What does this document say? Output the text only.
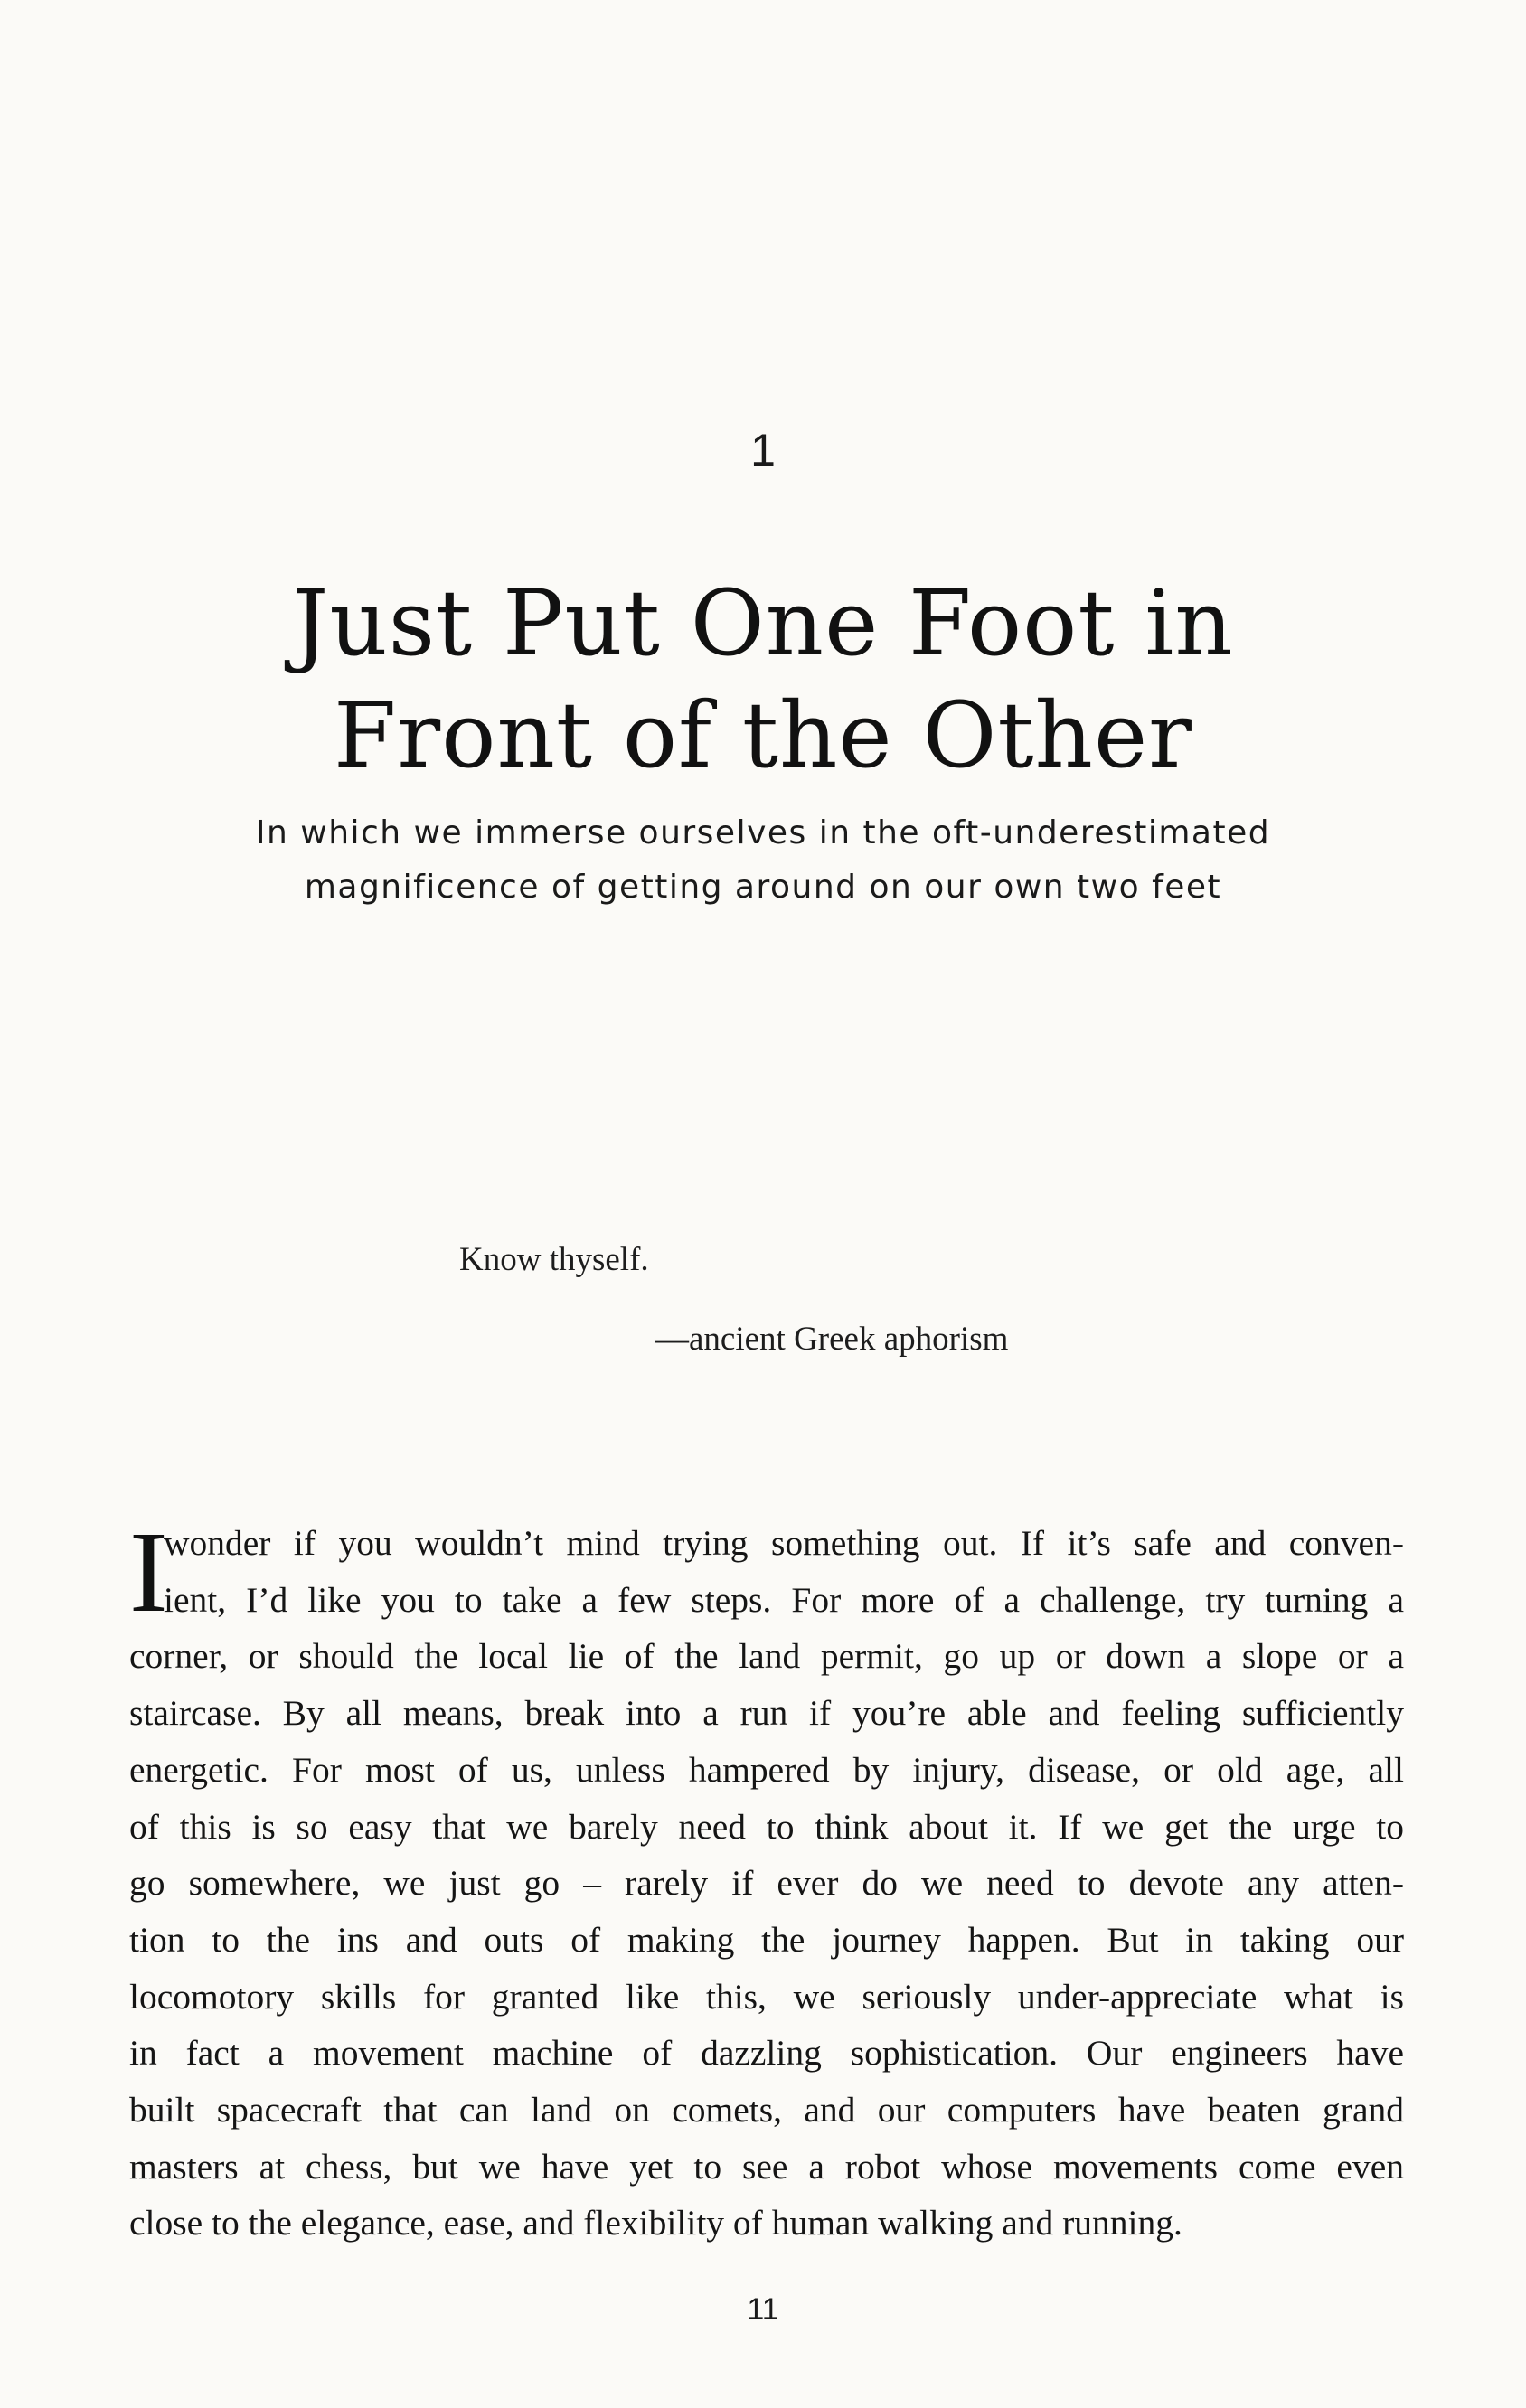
1
Just Put One Foot in
Front of the Other
In which we immerse ourselves in the oft-underestimated
magnificence of getting around on our own two feet
Know thyself.
—ancient Greek aphorism
I
wonder if you wouldn’t mind trying something out. If it’s safe and conven-
ient, I’d like you to take a few steps. For more of a challenge, try turning a
corner, or should the local lie of the land permit, go up or down a slope or a
staircase. By all means, break into a run if you’re able and feeling sufficiently
energetic. For most of us, unless hampered by injury, disease, or old age, all
of this is so easy that we barely need to think about it. If we get the urge to
go somewhere, we just go – rarely if ever do we need to devote any atten-
tion to the ins and outs of making the journey happen. But in taking our
locomotory skills for granted like this, we seriously under-appreciate what is
in fact a movement machine of dazzling sophistication. Our engineers have
built spacecraft that can land on comets, and our computers have beaten grand
masters at chess, but we have yet to see a robot whose movements come even
close to the elegance, ease, and flexibility of human walking and running.
11
